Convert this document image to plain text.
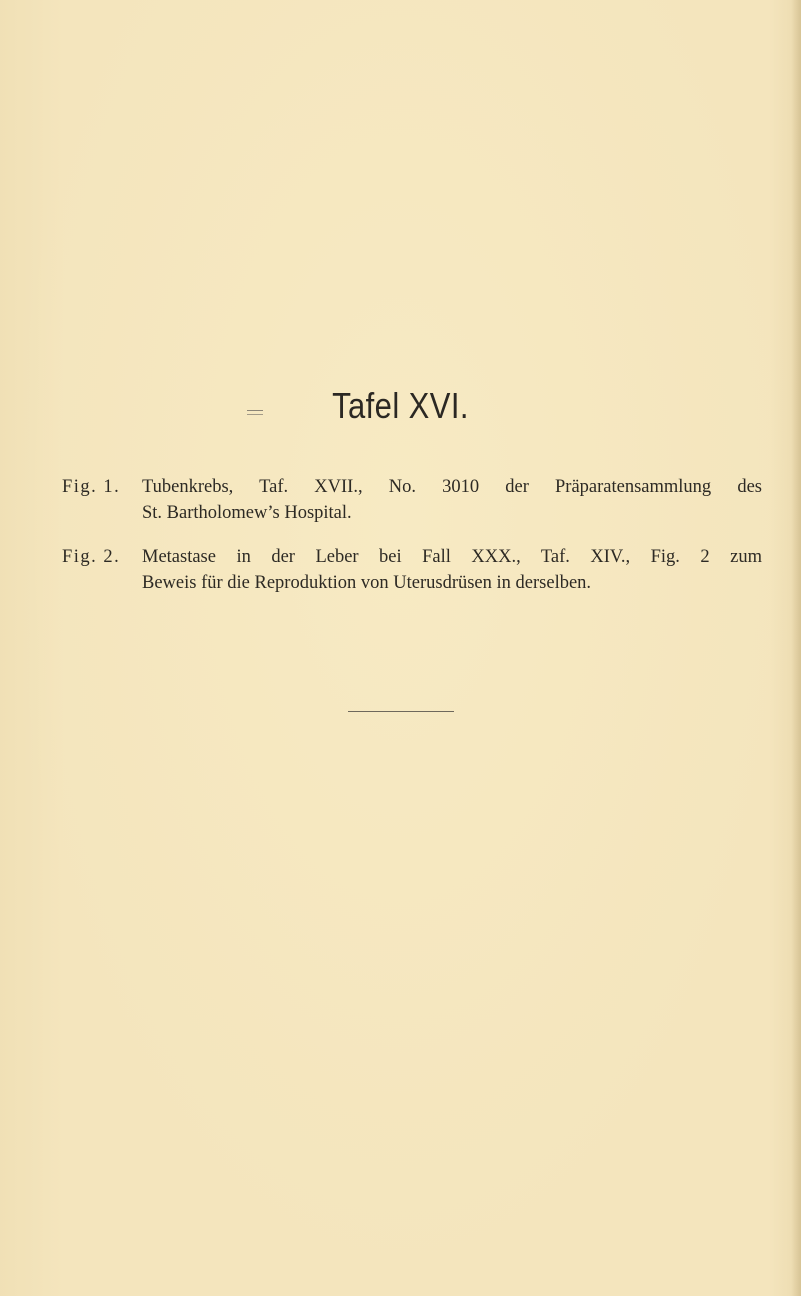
Tafel XVI.
Fig. 1.	Tubenkrebs, Taf. XVII., No. 3010 der Präparatensammlung des
St. Bartholomew’s Hospital.
Fig. 2.	Metastase in der Leber bei Fall XXX., Taf. XIV., Fig. 2 zum
Beweis für die Reproduktion von Uterusdrüsen in derselben.
